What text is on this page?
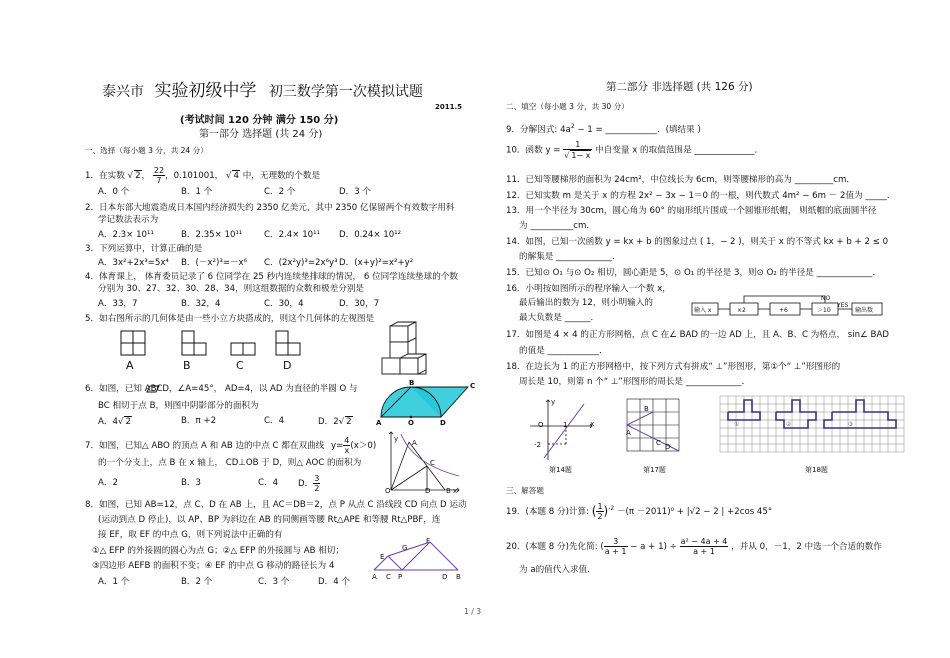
泰兴市 实验初级中学 初三数学第一次模拟试题
2011.5
(考试时间 120 分钟 满分 150 分)
第一部分 选择题 (共 24 分)
一、选择（每小题 3 分，共 24 分）
1．在实数 √ 2， $\frac{22}{7}$ ，0.101001， √ 4 中，无理数的个数是
A．0 个	B．1 个	C．2 个	D．3 个
2．日本东部大地震造成日本国内经济损失约 2350 亿美元，其中 2350 亿保留两个有效数字用科
学记数法表示为
A．2.3× 10¹¹	B．2.35× 10¹¹	C．2.4× 10¹¹ D．0.24× 10¹²
3．下列运算中，计算正确的是
A．3x²+2x³=5x⁴ B．(－x²)³=－x⁶ C．(2x²y)³=2x⁶y³ D．(x+y)²=x²+y²
4．体育课上， 体育委员记录了 6 位同学在 25 秒内连续垫排球的情况， 6 位同学连续垫球的个数
分别为 30、27、32、30、28、34，则这组数据的众数和极差分别是
A．33，7	B．32，4	C．30，4	D．30，7
5．如右图所示的几何体是由一些小立方块搭成的，则这个几何体的左视图是
A	B	C	D
B	C
A	O	D
6．如图，已知 ABCD，∠A=45°， AD=4，以 AD 为直径的半圆 O 与
BC 相切于点 B，则图中阴影部分的面积为
A．4√ 2	B．π +2	C．4	D．2√ 2
7．如图，已知△ ABO 的顶点 A 和 AB 边的中点 C 都在双曲线 $y= \frac{4}{x} (x>0)$
的一个分支上，点 B 在 x 轴上， CD⊥OB 于 D，则△ AOC 的面积为
A．2	B．3	C．4 D． $\frac{3}{2}$
y A
C
O	D B x
8．如图，已知 AB=12，点 C、D 在 AB 上，且 AC＝DB＝2，点 P 从点 C 沿线段 CD 向点 D 运动
(运动到点 D 停止)，以 AP、BP 为斜边在 AB 的同侧画等腰 Rt△APE 和等腰 Rt△PBF，连
接 EF，取 EF 的中点 G，则下列说法中正确的有
①△ EFP 的外接圆的圆心为点 G；②△ EFP 的外接圆与 AB 相切；
③四边形 AEFB 的面积不变；④ EF 的中点 G 移动的路径长为 4
A．1 个	B．2 个	C．3 个	D．4 个
F
G
E
A C P	D B
第二部分 非选择题 (共 126 分)
二、填空（每小题 3 分，共 30 分）
9．分解因式: $4a^2 - 1$ = ____________．(填结果 )
10．函数 $y = \frac{1}{√ 1- x}$ 中自变量 x 的取值范围是 ______________．
11．已知等腰梯形的面积为 24cm²，中位线长为 6cm，则等腰梯形的高为 _________cm．
12．已知实数 m 是关于 x 的方程 2x² − 3x − 1＝0 的一根，则代数式 4m² − 6m － 2值为 _____．
13．用一个半径为 30cm，圆心角为 60° 的扇形纸片围成一个圆锥形纸帽， 则纸帽的底面圆半径
为 __________cm．
14．如图，已知一次函数 y = kx + b 的图象过点 ( 1，− 2 )，则关于 x 的不等式 kx + b + 2 ≤ 0
的解集是 _____________．
15．已知⊙ O₁ 与⊙ O₂ 相切，圆心距是 5，⊙ O₁ 的半径是 3，则⊙ O₂ 的半径是 _____________．
16．小明按如图所示的程序输入一个数 x，
最后输出的数为 12，则小明输入的
最大负数是 ______．
输入 x	×2	+6	＞10	输出数
NO
YES
17．如图是 4 × 4 的正方形网格，点 C 在∠ BAD 的一边 AD 上，且 A、B、C 为格点， sin∠ BAD
的值是 ____________．
18．在边长为 1 的正方形网格中，按下列方式有拼成“ ⊥”形图形，第①个“ ⊥”形图形的
周长是 10，则第 n 个“ ⊥”形图形的周长是 _____________．
y
O	x
1
-2
第14题
B
A
C D
第17题
①	②	③
第18题
三、解答题
19．(本题 8 分)计算: ( $\frac{1}{2} )^{-2} -(\pi -2011)^0 + |√2 - 2$ | +2cos 45°
20．(本题 8 分)先化简: ( $\frac{3}{a + 1} - a + 1) \div \frac{\text{a² − 4a + 4}}{a + 1}$ ，并从 0，－1，2 中选一个合适的数作
为 a的值代入求值.
1 / 3
